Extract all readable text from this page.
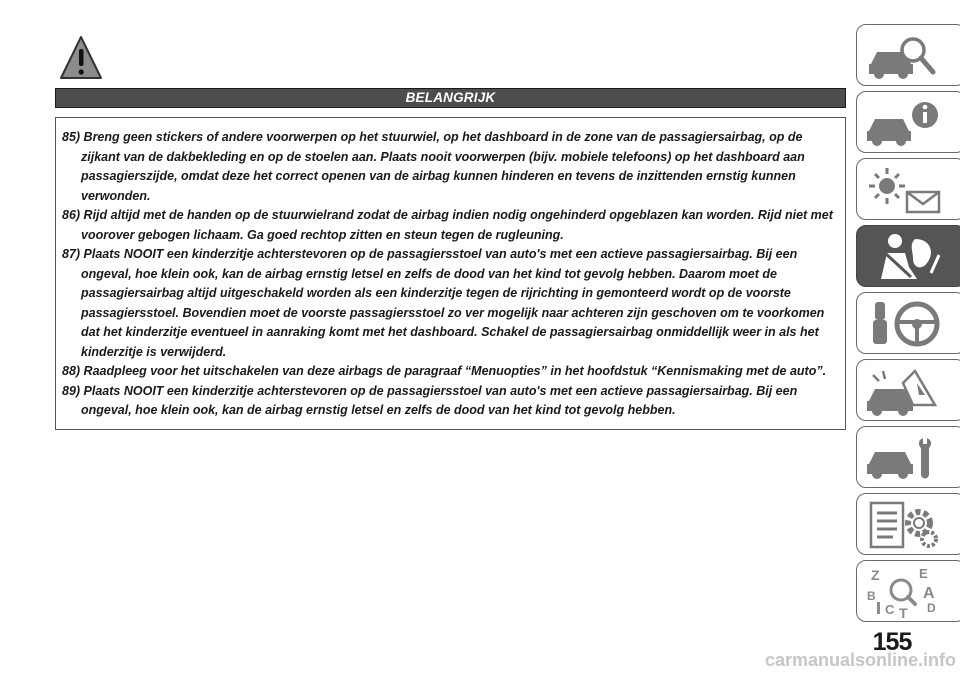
BELANGRIJK

85) Breng geen stickers of andere voorwerpen op het stuurwiel, op het dashboard in de zone van de passagiersairbag, op de zijkant van de dakbekleding en op de stoelen aan. Plaats nooit voorwerpen (bijv. mobiele telefoons) op het dashboard aan passagierszijde, omdat deze het correct openen van de airbag kunnen hinderen en tevens de inzittenden ernstig kunnen verwonden.

86) Rijd altijd met de handen op de stuurwielrand zodat de airbag indien nodig ongehinderd opgeblazen kan worden. Rijd niet met voorover gebogen lichaam. Ga goed rechtop zitten en steun tegen de rugleuning.

87) Plaats NOOIT een kinderzitje achterstevoren op de passagiersstoel van auto's met een actieve passagiersairbag. Bij een ongeval, hoe klein ook, kan de airbag ernstig letsel en zelfs de dood van het kind tot gevolg hebben. Daarom moet de passagiersairbag altijd uitgeschakeld worden als een kinderzitje tegen de rijrichting in gemonteerd wordt op de voorste passagiersstoel. Bovendien moet de voorste passagiersstoel zo ver mogelijk naar achteren zijn geschoven om te voorkomen dat het kinderzitje eventueel in aanraking komt met het dashboard. Schakel de passagiersairbag onmiddellijk weer in als het kinderzitje is verwijderd.

88) Raadpleeg voor het uitschakelen van deze airbags de paragraaf “Menuopties” in het hoofdstuk “Kennismaking met de auto”.

89) Plaats NOOIT een kinderzitje achterstevoren op de passagiersstoel van auto's met een actieve passagiersairbag. Bij een ongeval, hoe klein ook, kan de airbag ernstig letsel en zelfs de dood van het kind tot gevolg hebben.

Z	E
B	A
C T D
155
carmanualsonline.info
